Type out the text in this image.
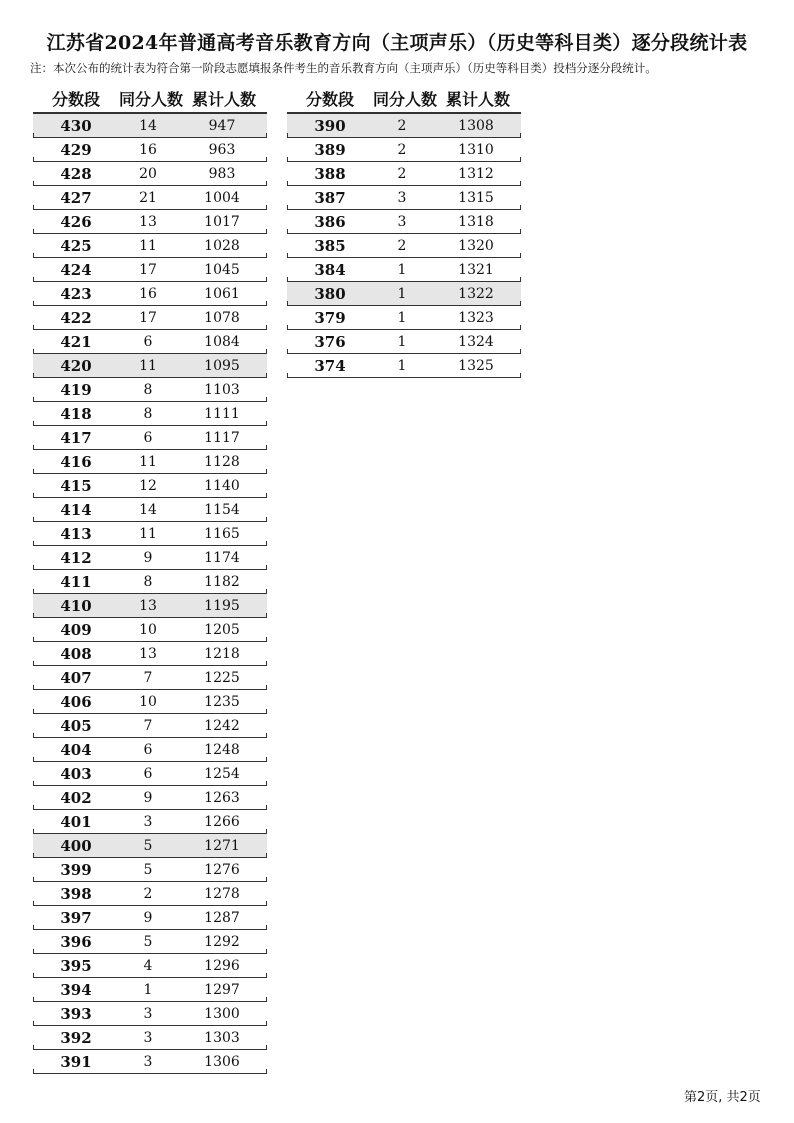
江苏省2024年普通高考音乐教育方向（主项声乐）（历史等科目类）逐分段统计表
注：本次公布的统计表为符合第一阶段志愿填报条件考生的音乐教育方向（主项声乐）（历史等科目类）投档分逐分段统计。
分数段	同分人数 累计人数
430	14	947
429	16	963
428	20	983
427	21	1004
426	13	1017
425	11	1028
424	17	1045
423	16	1061
422	17	1078
421	6	1084
420	11	1095
419	8	1103
418	8	1111
417	6	1117
416	11	1128
415	12	1140
414	14	1154
413	11	1165
412	9	1174
411	8	1182
410	13	1195
409	10	1205
408	13	1218
407	7	1225
406	10	1235
405	7	1242
404	6	1248
403	6	1254
402	9	1263
401	3	1266
400	5	1271
399	5	1276
398	2	1278
397	9	1287
396	5	1292
395	4	1296
394	1	1297
393	3	1300
392	3	1303
391	3	1306
分数段	同分人数 累计人数
390	2	1308
389	2	1310
388	2	1312
387	3	1315
386	3	1318
385	2	1320
384	1	1321
380	1	1322
379	1	1323
376	1	1324
374	1	1325
第2页, 共2页
